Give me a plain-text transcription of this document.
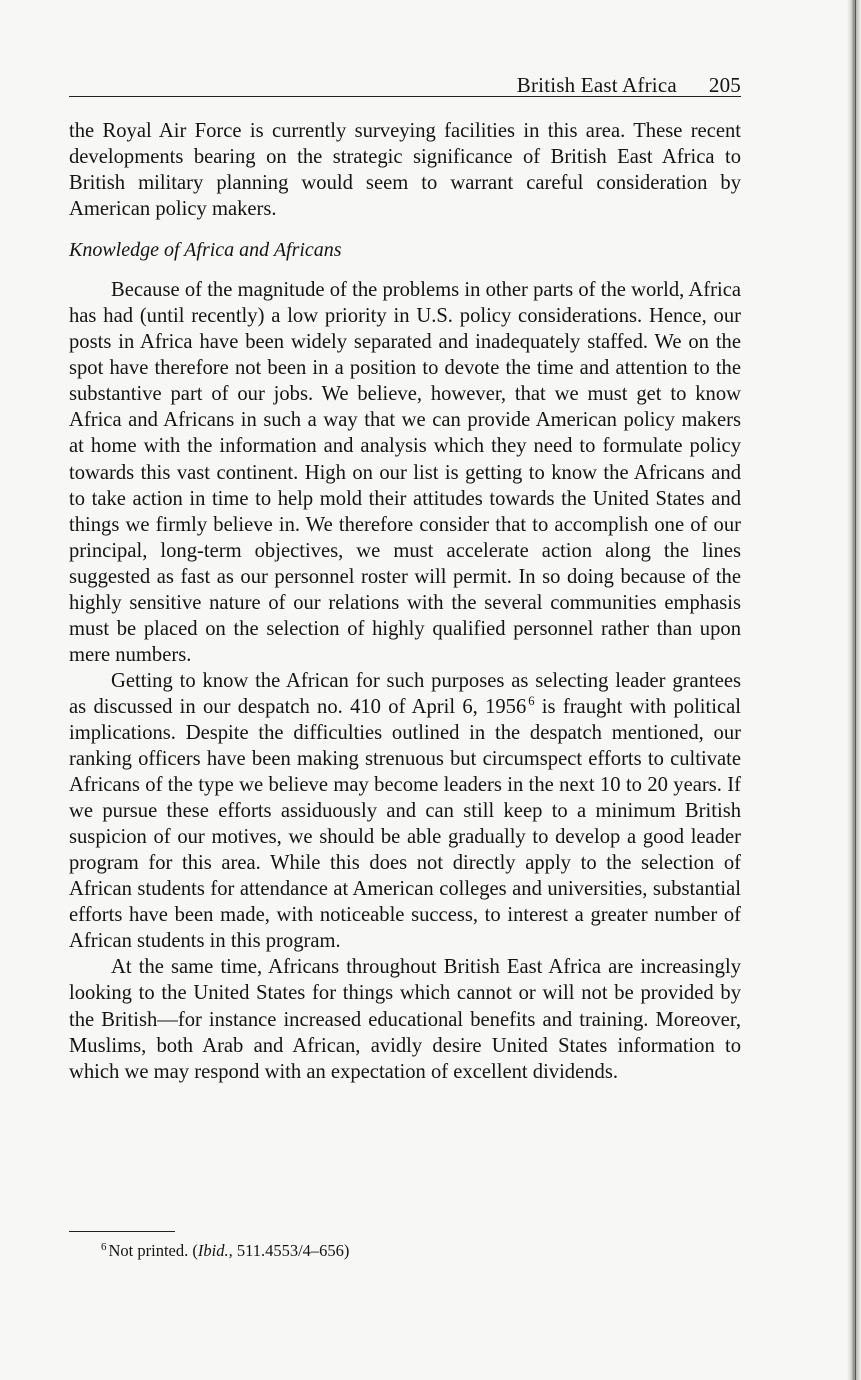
British East Africa 205

the Royal Air Force is currently surveying facilities in this area. These recent developments bearing on the strategic significance of British East Africa to British military planning would seem to warrant careful consideration by American policy makers.

Knowledge of Africa and Africans

Because of the magnitude of the problems in other parts of the world, Africa has had (until recently) a low priority in U.S. policy considerations. Hence, our posts in Africa have been widely separated and inadequately staffed. We on the spot have therefore not been in a position to devote the time and attention to the substantive part of our jobs. We believe, however, that we must get to know Africa and Africans in such a way that we can provide American policy makers at home with the information and analysis which they need to formulate policy towards this vast continent. High on our list is getting to know the Africans and to take action in time to help mold their attitudes towards the United States and things we firmly believe in. We therefore consider that to accomplish one of our principal, long-term objectives, we must accelerate action along the lines suggested as fast as our personnel roster will permit. In so doing because of the highly sensitive nature of our relations with the several communities emphasis must be placed on the selection of highly qualified personnel rather than upon mere numbers.

Getting to know the African for such purposes as selecting leader grantees as discussed in our despatch no. 410 of April 6, 1956 $^6$ is fraught with political implications. Despite the difficulties outlined in the despatch mentioned, our ranking officers have been making strenuous but circumspect efforts to cultivate Africans of the type we believe may become leaders in the next 10 to 20 years. If we pursue these efforts assiduously and can still keep to a minimum British suspicion of our motives, we should be able gradually to develop a good leader program for this area. While this does not directly apply to the selection of African students for attendance at American colleges and universities, substantial efforts have been made, with noticeable success, to interest a greater number of African students in this program.

At the same time, Africans throughout British East Africa are increasingly looking to the United States for things which cannot or will not be provided by the British—for instance increased educational benefits and training. Moreover, Muslims, both Arab and African, avidly desire United States information to which we may respond with an expectation of excellent dividends.

$^6$ Not printed. (Ibid., 511.4553/4–656)
